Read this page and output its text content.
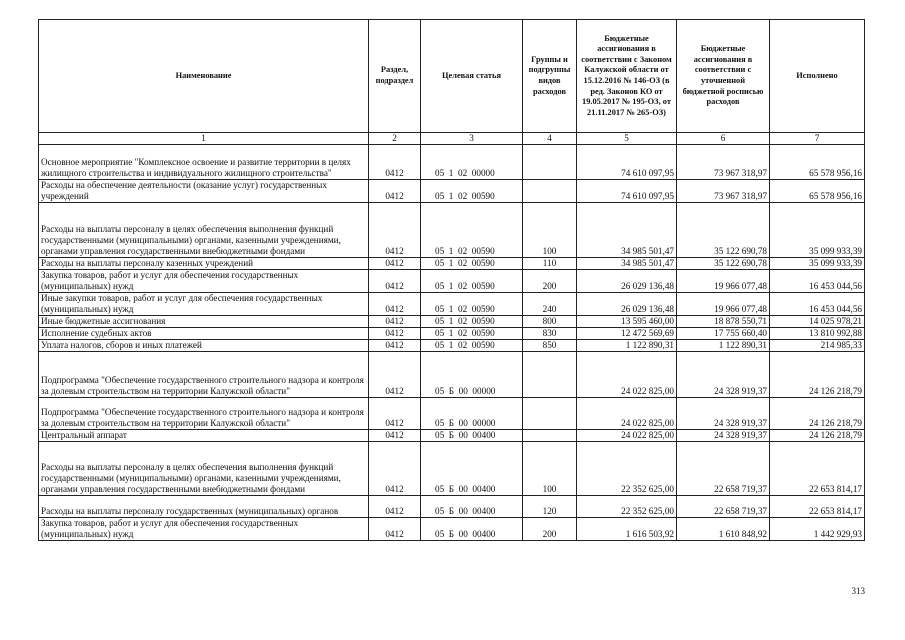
Наименование	Раздел, подраздел	Целевая статья	Группы и подгруппы видов расходов	Бюджетные ассигнования в соответствии с Законом Калужской области от 15.12.2016 № 146-ОЗ (в ред. Законов КО от 19.05.2017 № 195-ОЗ, от 21.11.2017 № 265-ОЗ)	Бюджетные ассигнования в соответствии с уточненной бюджетной росписью расходов	Исполнено
1	2	3	4	5	6	7
Основное мероприятие "Комплексное освоение и развитие территории в целях жилищного строительства и индивидуального жилищного строительства"	0412	05  1  02  00000		74 610 097,95	73 967 318,97	65 578 956,16
Расходы на обеспечение деятельности (оказание услуг) государственных учреждений	0412	05  1  02  00590		74 610 097,95	73 967 318,97	65 578 956,16
Расходы на выплаты персоналу в целях обеспечения выполнения функций государственными (муниципальными) органами, казенными учреждениями, органами управления государственными внебюджетными фондами	0412	05  1  02  00590	100	34 985 501,47	35 122 690,78	35 099 933,39
Расходы на выплаты персоналу казенных учреждений	0412	05  1  02  00590	110	34 985 501,47	35 122 690,78	35 099 933,39
Закупка товаров, работ и услуг для обеспечения государственных (муниципальных) нужд	0412	05  1  02  00590	200	26 029 136,48	19 966 077,48	16 453 044,56
Иные закупки товаров, работ и услуг для обеспечения государственных (муниципальных) нужд	0412	05  1  02  00590	240	26 029 136,48	19 966 077,48	16 453 044,56
Иные бюджетные ассигнования	0412	05  1  02  00590	800	13 595 460,00	18 878 550,71	14 025 978,21
Исполнение судебных актов	0412	05  1  02  00590	830	12 472 569,69	17 755 660,40	13 810 992,88
Уплата налогов, сборов и иных платежей	0412	05  1  02  00590	850	1 122 890,31	1 122 890,31	214 985,33
Подпрограмма "Обеспечение государственного строительного надзора и контроля за долевым строительством на территории Калужской области"	0412	05  Б  00  00000		24 022 825,00	24 328 919,37	24 126 218,79
Подпрограмма "Обеспечение государственного строительного надзора и контроля за долевым строительством на территории Калужской области"	0412	05  Б  00  00000		24 022 825,00	24 328 919,37	24 126 218,79
Центральный аппарат	0412	05  Б  00  00400		24 022 825,00	24 328 919,37	24 126 218,79
Расходы на выплаты персоналу в целях обеспечения выполнения функций государственными (муниципальными) органами, казенными учреждениями, органами управления государственными внебюджетными фондами	0412	05  Б  00  00400	100	22 352 625,00	22 658 719,37	22 653 814,17
Расходы на выплаты персоналу государственных (муниципальных) органов	0412	05  Б  00  00400	120	22 352 625,00	22 658 719,37	22 653 814,17
Закупка товаров, работ и услуг для обеспечения государственных (муниципальных) нужд	0412	05  Б  00  00400	200	1 616 503,92	1 610 848,92	1 442 929,93
313
